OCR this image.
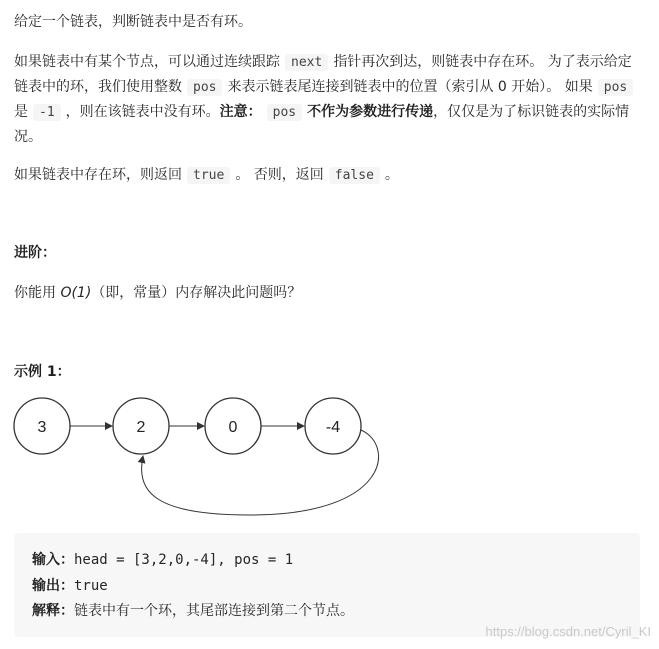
给定一个链表，判断链表中是否有环。

如果链表中有某个节点，可以通过连续跟踪 next 指针再次到达，则链表中存在环。 为了表示给定链表中的环，我们使用整数 pos 来表示链表尾连接到链表中的位置（索引从 0 开始）。 如果 pos是 -1 ，则在该链表中没有环。注意： pos 不作为参数进行传递，仅仅是为了标识链表的实际情况。

如果链表中存在环，则返回 true 。 否则，返回 false 。

进阶：

你能用 O(1)（即，常量）内存解决此问题吗？

示例 1：

3	2	0	-4
输入：head = [3,2,0,-4], pos = 1
输出：true
解释：链表中有一个环，其尾部连接到第二个节点。
https://blog.csdn.net/Cyril_KI
